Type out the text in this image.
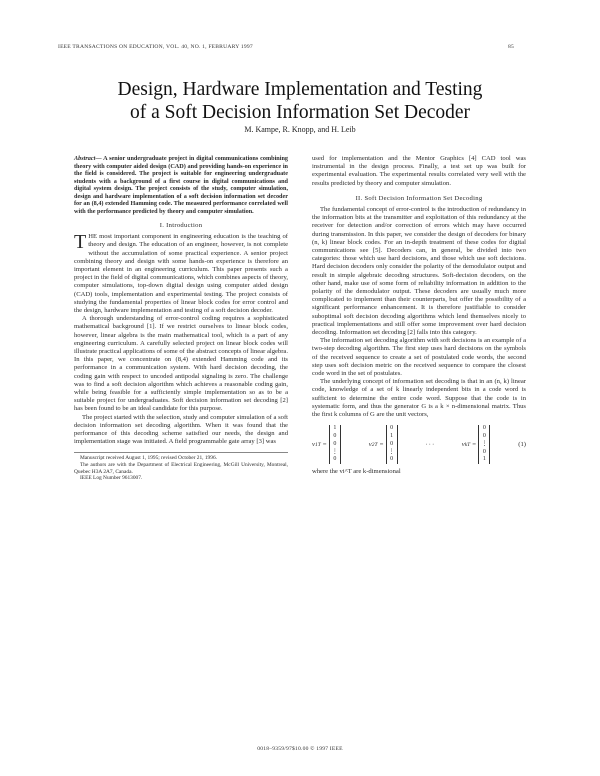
IEEE TRANSACTIONS ON EDUCATION, VOL. 40, NO. 1, FEBRUARY 1997	85
Design, Hardware Implementation and Testing
of a Soft Decision Information Set Decoder
M. Kampe, R. Knopp, and H. Leib
Abstract— A senior undergraduate project in digital communications combining theory with computer aided design (CAD) and providing hands-on experience in the field is considered. The project is suitable for engineering undergraduate students with a background of a first course in digital communications and digital system design. The project consists of the study, computer simulation, design and hardware implementation of a soft decision information set decoder for an (8,4) extended Hamming code. The measured performance correlated well with the performance predicted by theory and computer simulation.
I. Introduction

THE most important component in engineering education is the teaching of theory and design. The education of an engineer, however, is not complete without the accumulation of some practical experience. A senior project combining theory and design with some hands-on experience is therefore an important element in an engineering curriculum. This paper presents such a project in the field of digital communications, which combines aspects of theory, computer simulations, top-down digital design using computer aided design (CAD) tools, implementation and experimental testing. The project consists of studying the fundamental properties of linear block codes for error control and the design, hardware implementation and testing of a soft decision decoder.

A thorough understanding of error-control coding requires a sophisticated mathematical background [1]. If we restrict ourselves to linear block codes, however, linear algebra is the main mathematical tool, which is a part of any engineering curriculum. A carefully selected project on linear block codes will illustrate practical applications of some of the abstract concepts of linear algebra. In this paper, we concentrate on (8,4) extended Hamming code and its performance in a communication system. With hard decision decoding, the coding gain with respect to uncoded antipodal signaling is zero. The challenge was to find a soft decision algorithm which achieves a reasonable coding gain, while being feasible for a sufficiently simple implementation so as to be a suitable project for undergraduates. Soft decision information set decoding [2] has been found to be an ideal candidate for this purpose.

The project started with the selection, study and computer simulation of a soft decision information set decoding algorithm. When it was found that the performance of this decoding scheme satisfied our needs, the design and implementation stage was initiated. A field programmable gate array [3] was

Manuscript received August 1, 1995; revised October 21, 1996.
The authors are with the Department of Electrical Engineering, McGill University, Montreal, Quebec H3A 2A7, Canada.
IEEE Log Number 9613007.

used for implementation and the Mentor Graphics [4] CAD tool was instrumental in the design process. Finally, a test set up was built for experimental evaluation. The experimental results correlated very well with the results predicted by theory and computer simulation.

II. Soft Decision Information Set Decoding

The fundamental concept of error-control is the introduction of redundancy in the information bits at the transmitter and exploitation of this redundancy at the receiver for detection and/or correction of errors which may have occurred during transmission. In this paper, we consider the design of decoders for binary (n, k) linear block codes. For an in-depth treatment of these codes for digital communications see [5]. Decoders can, in general, be divided into two categories: those which use hard decisions, and those which use soft decisions. Hard decision decoders only consider the polarity of the demodulator output and result in simple algebraic decoding structures. Soft-decision decoders, on the other hand, make use of some form of reliability information in addition to the polarity of the demodulator output. These decoders are usually much more complicated to implement than their counterparts, but offer the possibility of a significant performance enhancement. It is therefore justifiable to consider suboptimal soft decision decoding algorithms which lend themselves nicely to practical implementations and still offer some improvement over hard decision decoding. Information set decoding [2] falls into this category.

The information set decoding algorithm with soft decisions is an example of a two-step decoding algorithm. The first step uses hard decisions on the symbols of the received sequence to create a set of postulated code words, the second step uses soft decision metric on the received sequence to compare the closest code word in the set of postulates.

The underlying concept of information set decoding is that in an (n, k) linear code, knowledge of a set of k linearly independent bits in a code word is sufficient to determine the entire code word. Suppose that the code is in systematic form, and thus the generator G is a k × n-dimensional matrix. Thus the first k columns of G are the unit vectors,

v 1 T =
1
0
0
⋮
0
v 2 T =
0
1
0
⋮
0
· · ·	v k T =
0
0
⋮
0
1
(1)

where the vi^T are k-dimensional

0018–9359/97$10.00 © 1997 IEEE
